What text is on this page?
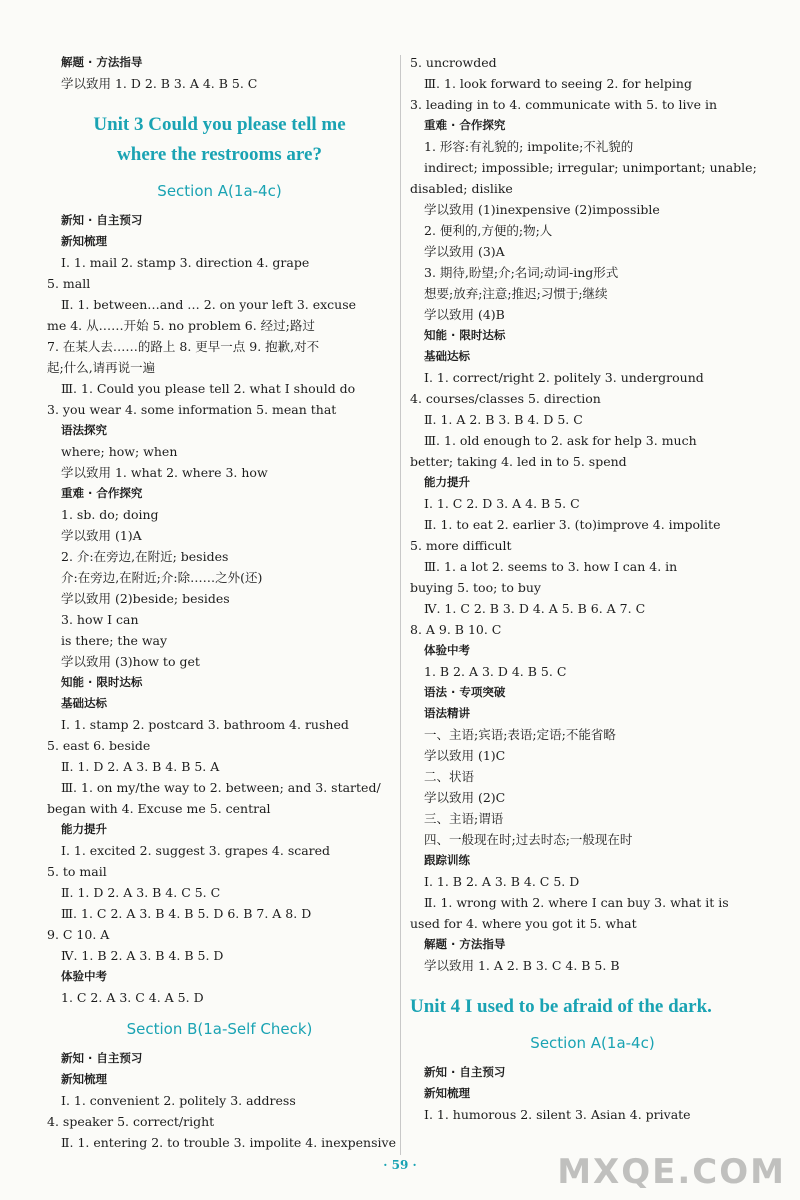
解题 · 方法指导
学以致用 1. D 2. B 3. A 4. B 5. C
Unit 3 Could you please tell me
where the restrooms are?
Section A(1a-4c)
新知 · 自主预习
新知梳理
Ⅰ. 1. mail 2. stamp 3. direction 4. grape
5. mall
Ⅱ. 1. between…and … 2. on your left 3. excuse
me 4. 从……开始 5. no problem 6. 经过;路过
7. 在某人去……的路上 8. 更早一点 9. 抱歉,对不
起;什么,请再说一遍
Ⅲ. 1. Could you please tell 2. what I should do
3. you wear 4. some information 5. mean that
语法探究
where; how; when
学以致用 1. what 2. where 3. how
重难 · 合作探究
1. sb. do; doing
学以致用 (1)A
2. 介:在旁边,在附近; besides
介:在旁边,在附近;介:除……之外(还)
学以致用 (2)beside; besides
3. how I can
is there; the way
学以致用 (3)how to get
知能 · 限时达标
基础达标
Ⅰ. 1. stamp 2. postcard 3. bathroom 4. rushed
5. east 6. beside
Ⅱ. 1. D 2. A 3. B 4. B 5. A
Ⅲ. 1. on my/the way to 2. between; and 3. started/
began with 4. Excuse me 5. central
能力提升
Ⅰ. 1. excited 2. suggest 3. grapes 4. scared
5. to mail
Ⅱ. 1. D 2. A 3. B 4. C 5. C
Ⅲ. 1. C 2. A 3. B 4. B 5. D 6. B 7. A 8. D
9. C 10. A
Ⅳ. 1. B 2. A 3. B 4. B 5. D
体验中考
1. C 2. A 3. C 4. A 5. D
Section B(1a-Self Check)
新知 · 自主预习
新知梳理
Ⅰ. 1. convenient 2. politely 3. address
4. speaker 5. correct/right
Ⅱ. 1. entering 2. to trouble 3. impolite 4. inexpensive
5. uncrowded
Ⅲ. 1. look forward to seeing 2. for helping
3. leading in to 4. communicate with 5. to live in
重难 · 合作探究
1. 形容:有礼貌的; impolite;不礼貌的
indirect; impossible; irregular; unimportant; unable;
disabled; dislike
学以致用 (1)inexpensive (2)impossible
2. 便利的,方便的;物;人
学以致用 (3)A
3. 期待,盼望;介;名词;动词-ing形式
想要;放弃;注意;推迟;习惯于;继续
学以致用 (4)B
知能 · 限时达标
基础达标
Ⅰ. 1. correct/right 2. politely 3. underground
4. courses/classes 5. direction
Ⅱ. 1. A 2. B 3. B 4. D 5. C
Ⅲ. 1. old enough to 2. ask for help 3. much
better; taking 4. led in to 5. spend
能力提升
Ⅰ. 1. C 2. D 3. A 4. B 5. C
Ⅱ. 1. to eat 2. earlier 3. (to)improve 4. impolite
5. more difficult
Ⅲ. 1. a lot 2. seems to 3. how I can 4. in
buying 5. too; to buy
Ⅳ. 1. C 2. B 3. D 4. A 5. B 6. A 7. C
8. A 9. B 10. C
体验中考
1. B 2. A 3. D 4. B 5. C
语法 · 专项突破
语法精讲
一、主语;宾语;表语;定语;不能省略
学以致用 (1)C
二、状语
学以致用 (2)C
三、主语;谓语
四、一般现在时;过去时态;一般现在时
跟踪训练
Ⅰ. 1. B 2. A 3. B 4. C 5. D
Ⅱ. 1. wrong with 2. where I can buy 3. what it is
used for 4. where you got it 5. what
解题 · 方法指导
学以致用 1. A 2. B 3. C 4. B 5. B
Unit 4 I used to be afraid of the dark.
Section A(1a-4c)
新知 · 自主预习
新知梳理
Ⅰ. 1. humorous 2. silent 3. Asian 4. private
· 59 ·	MXQE.COM
